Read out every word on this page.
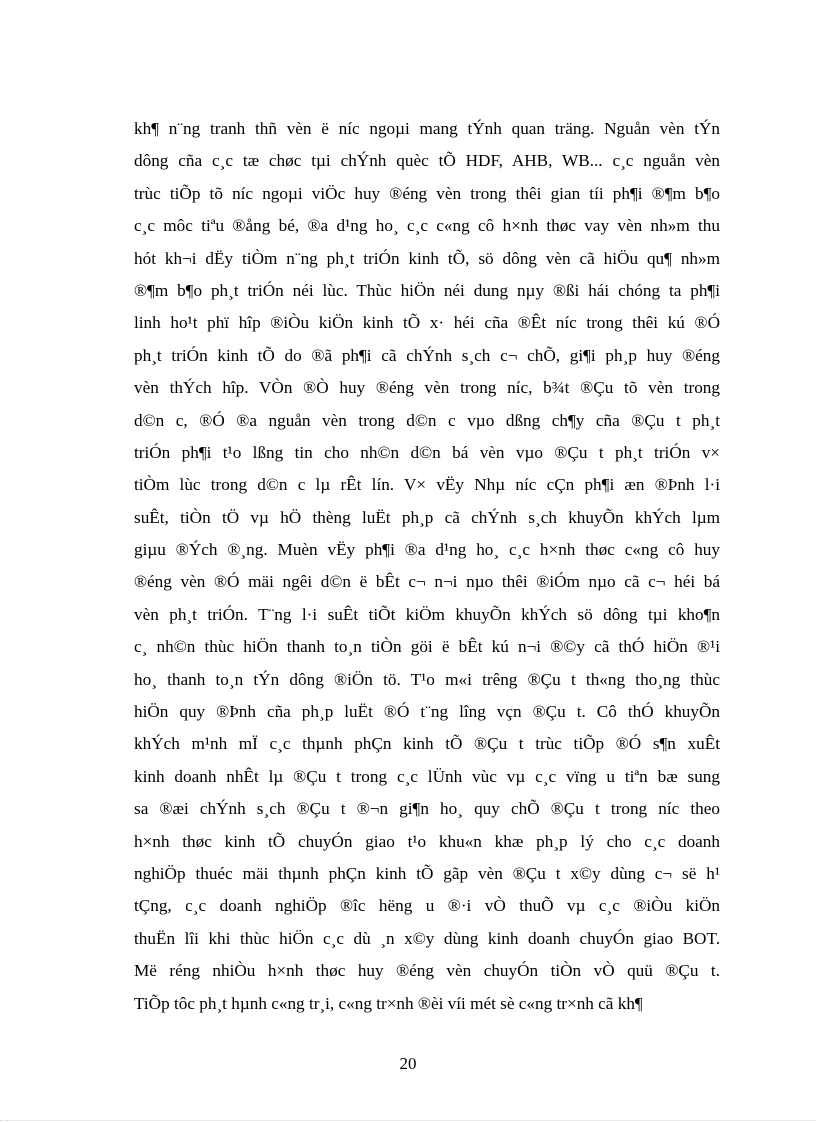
kh¶ n¨ng tranh thñ vèn ë níc ngoµi mang tÝnh quan träng. Nguån vèn tÝn
dông cña c¸c tæ chøc tµi chÝnh quèc tÕ HDF, AHB, WB... c¸c nguån vèn
trùc tiÕp tõ níc ngoµi viÖc huy ®éng vèn trong thêi gian tíi ph¶i ®¶m b¶o
c¸c môc tiªu ®ång bé, ®a d¹ng ho¸ c¸c c«ng cô h×nh thøc vay vèn nh»m thu
hót kh¬i dËy tiÒm n¨ng ph¸t triÓn kinh tÕ, sö dông vèn cã hiÖu qu¶ nh»m
®¶m b¶o ph¸t triÓn néi lùc. Thùc hiÖn néi dung nµy ®ßi hái chóng ta ph¶i
linh ho¹t phï hîp ®iÒu kiÖn kinh tÕ x· héi cña ®Êt níc trong thêi kú ®Ó
ph¸t triÓn kinh tÕ do ®ã ph¶i cã chÝnh s¸ch c¬ chÕ, gi¶i ph¸p huy ®éng
vèn thÝch hîp. VÒn ®Ò huy ®éng vèn trong níc, b¾t ®Çu tõ vèn trong
d©n c, ®Ó ®a nguån vèn trong d©n c vµo dßng ch¶y cña ®Çu t ph¸t
triÓn ph¶i t¹o lßng tin cho nh©n d©n bá vèn vµo ®Çu t ph¸t triÓn v×
tiÒm lùc trong d©n c lµ rÊt lín. V× vËy Nhµ níc cÇn ph¶i æn ®Þnh l·i
suÊt, tiÒn tÖ vµ hÖ thèng luËt ph¸p cã chÝnh s¸ch khuyÕn khÝch lµm
giµu ®Ých ®¸ng. Muèn vËy ph¶i ®a d¹ng ho¸ c¸c h×nh thøc c«ng cô huy
®éng vèn ®Ó mäi ngêi d©n ë bÊt c¬ n¬i nµo thêi ®iÓm nµo cã c¬ héi bá
vèn ph¸t triÓn. T¨ng l·i suÊt tiÕt kiÖm khuyÕn khÝch sö dông tµi kho¶n
c¸ nh©n thùc hiÖn thanh to¸n tiÒn göi ë bÊt kú n¬i ®©y cã thÓ hiÖn ®¹i
ho¸ thanh to¸n tÝn dông ®iÖn tö. T¹o m«i trêng ®Çu t th«ng tho¸ng thùc
hiÖn quy ®Þnh cña ph¸p luËt ®Ó t¨ng lîng vçn ®Çu t. Cô thÓ khuyÕn
khÝch m¹nh mÏ c¸c thµnh phÇn kinh tÕ ®Çu t trùc tiÕp ®Ó s¶n xuÊt
kinh doanh nhÊt lµ ®Çu t trong c¸c lÜnh vùc vµ c¸c vïng u tiªn bæ sung
sa ®æi chÝnh s¸ch ®Çu t ®¬n gi¶n ho¸ quy chÕ ®Çu t trong níc theo
h×nh thøc kinh tÕ chuyÓn giao t¹o khu«n khæ ph¸p lý cho c¸c doanh
nghiÖp thuéc mäi thµnh phÇn kinh tÕ gãp vèn ®Çu t x©y dùng c¬ së h¹
tÇng, c¸c doanh nghiÖp ®îc hëng u ®·i vÒ thuÕ vµ c¸c ®iÒu kiÖn
thuËn lîi khi thùc hiÖn c¸c dù ¸n x©y dùng kinh doanh chuyÓn giao BOT.
Më réng nhiÒu h×nh thøc huy ®éng vèn chuyÓn tiÒn vÒ quü ®Çu t.
TiÕp tôc ph¸t hµnh c«ng tr¸i, c«ng tr×nh ®èi víi mét sè c«ng tr×nh cã kh¶
20
